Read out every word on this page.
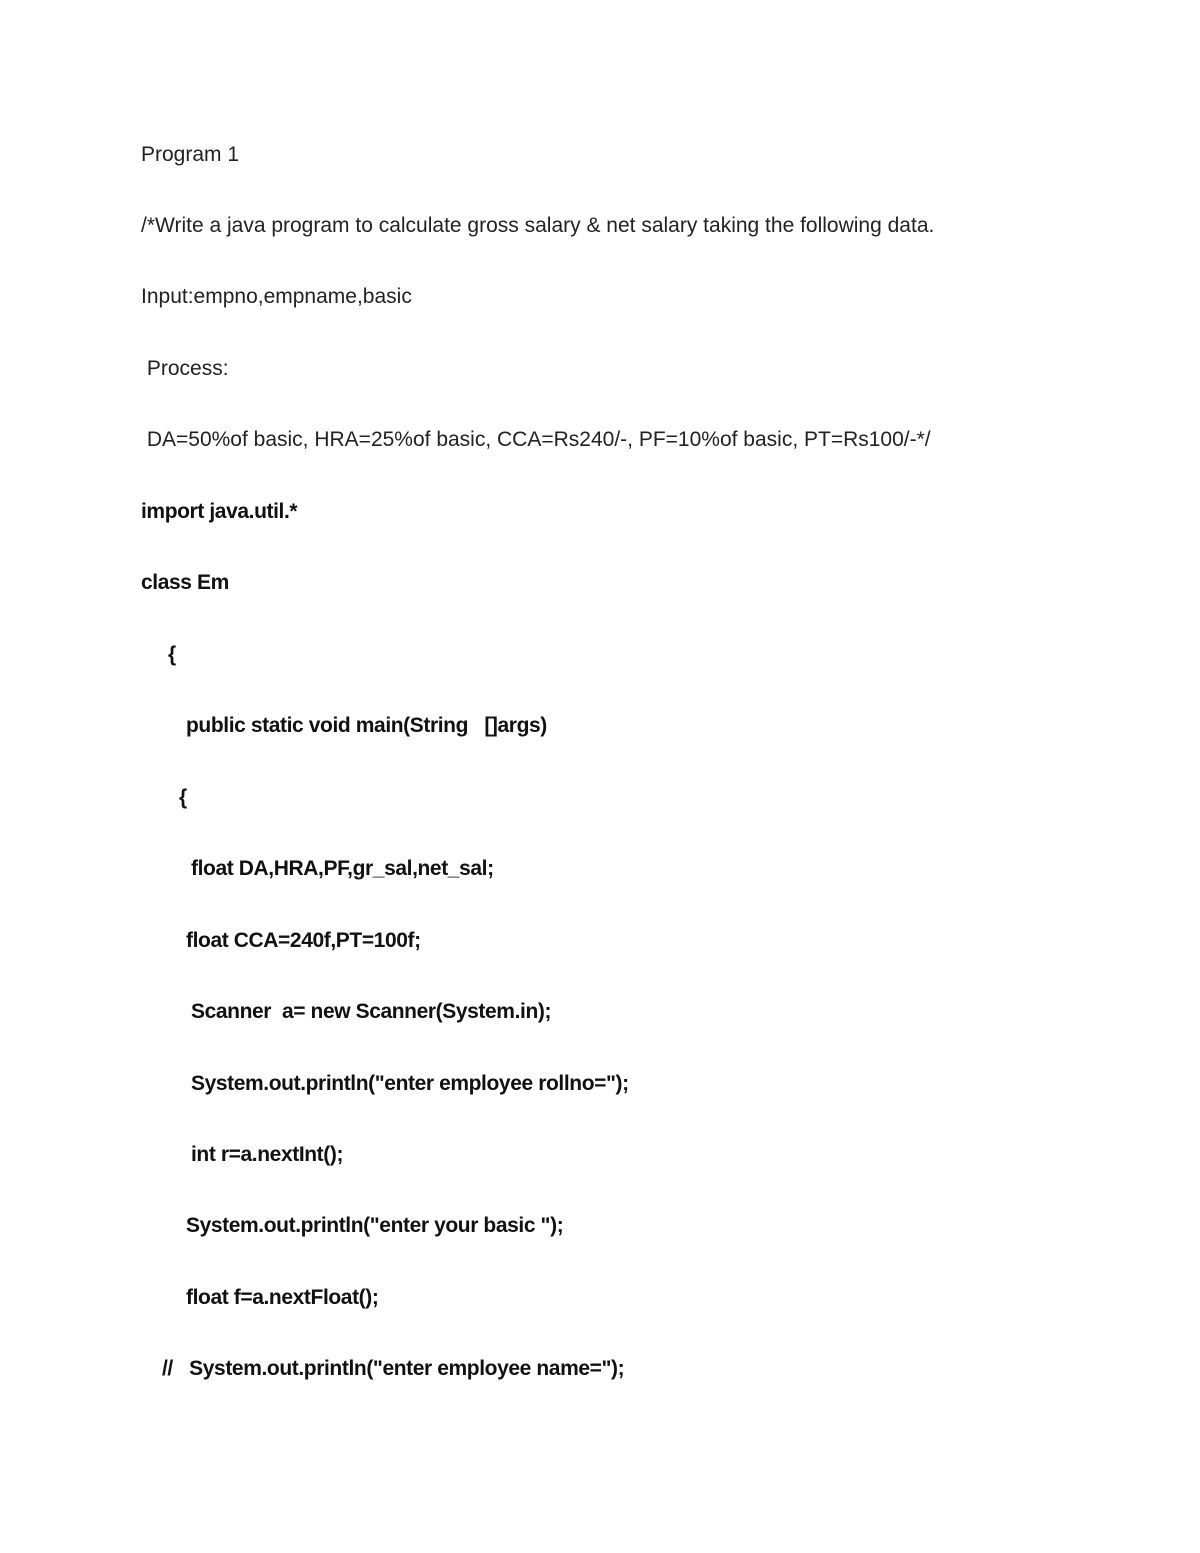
Program 1
/*Write a java program to calculate gross salary & net salary taking the following data.
Input:empno,empname,basic
Process:
DA=50%of basic, HRA=25%of basic, CCA=Rs240/-, PF=10%of basic, PT=Rs100/-*/
import java.util.*
class Em
{
public static void main(String   []args)
{
float DA,HRA,PF,gr_sal,net_sal;
float CCA=240f,PT=100f;
Scanner  a= new Scanner(System.in);
System.out.println("enter employee rollno=");
int r=a.nextInt();
System.out.println("enter your basic ");
float f=a.nextFloat();
//   System.out.println("enter employee name=");
